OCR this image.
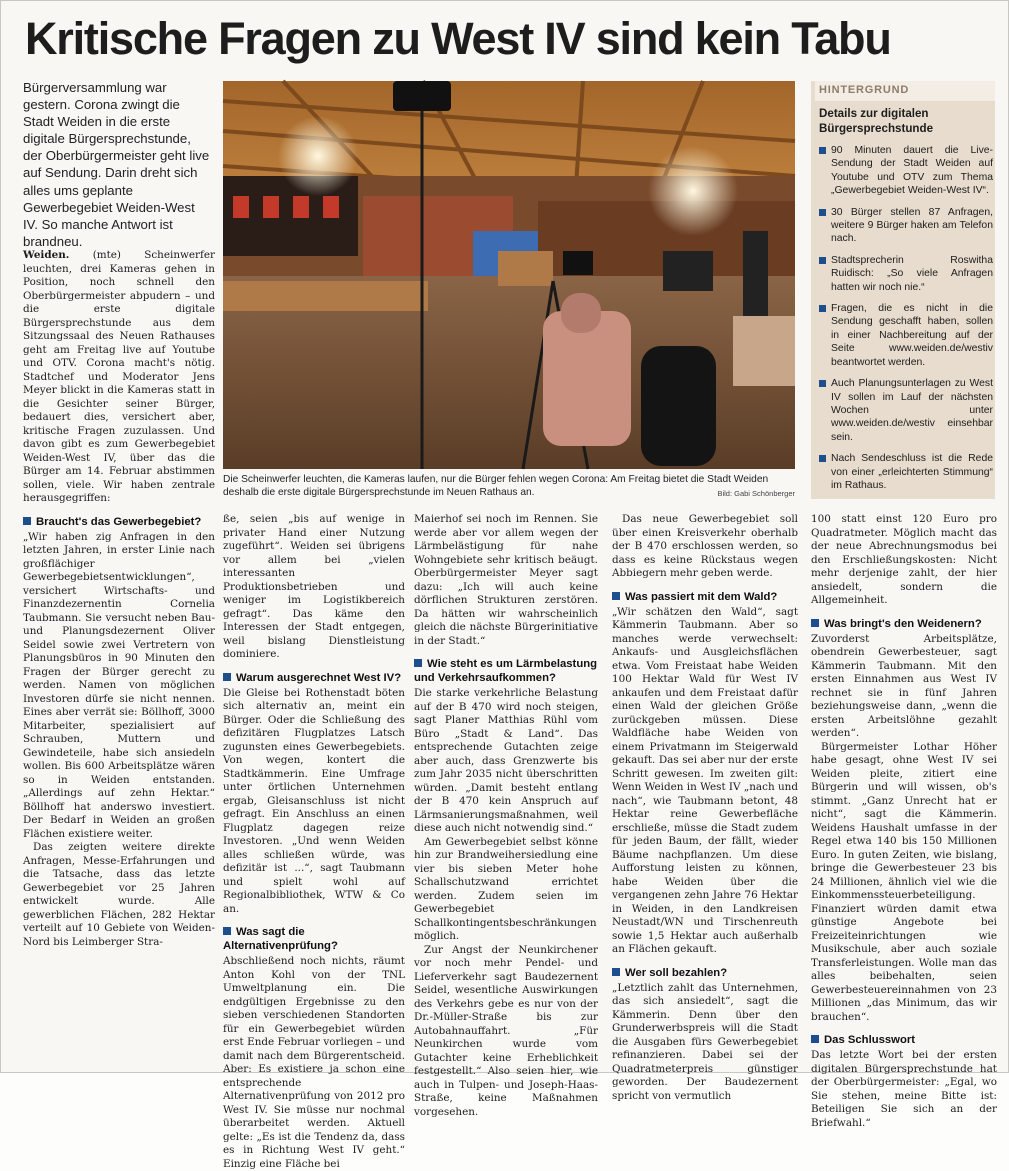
Kritische Fragen zu West IV sind kein Tabu
Bürgerversammlung war gestern. Corona zwingt die Stadt Weiden in die erste digitale Bürgersprechstunde, der Oberbürgermeister geht live auf Sendung. Darin dreht sich alles ums geplante Gewerbegebiet Weiden-West IV. So manche Antwort ist brandneu.
Die Scheinwerfer leuchten, die Kameras laufen, nur die Bürger fehlen wegen Corona: Am Freitag bietet die Stadt Weiden deshalb die erste digitale Bürgersprechstunde im Neuen Rathaus an.	Bild: Gabi Schönberger
HINTERGRUND
Details zur digitalen Bürgersprechstunde
90 Minuten dauert die Live-Sendung der Stadt Weiden auf Youtube und OTV zum Thema „Gewerbegebiet Weiden-West IV“.
30 Bürger stellen 87 Anfragen, weitere 9 Bürger haken am Telefon nach.
Stadtsprecherin Roswitha Ruidisch: „So viele Anfragen hatten wir noch nie.“
Fragen, die es nicht in die Sendung geschafft haben, sollen in einer Nachbereitung auf der Seite www.weiden.de/westiv beantwortet werden.
Auch Planungsunterlagen zu West IV sollen im Lauf der nächsten Wochen unter www.weiden.de/westiv einsehbar sein.
Nach Sendeschluss ist die Rede von einer „erleichterten Stimmung“ im Rathaus.

Weiden. (mte) Scheinwerfer leuchten, drei Kameras gehen in Position, noch schnell den Oberbürgermeister abpudern – und die erste digitale Bürgersprechstunde aus dem Sitzungssaal des Neuen Rathauses geht am Freitag live auf Youtube und OTV. Corona macht's nötig. Stadtchef und Moderator Jens Meyer blickt in die Kameras statt in die Gesichter seiner Bürger, bedauert dies, versichert aber, kritische Fragen zuzulassen. Und davon gibt es zum Gewerbegebiet Weiden-West IV, über das die Bürger am 14. Februar abstimmen sollen, viele. Wir haben zentrale herausgegriffen:

Braucht's das Gewerbegebiet?

„Wir haben zig Anfragen in den letzten Jahren, in erster Linie nach großflächiger Gewerbegebietsentwicklungen“, versichert Wirtschafts- und Finanzdezernentin Cornelia Taubmann. Sie versucht neben Bau- und Planungsdezernent Oliver Seidel sowie zwei Vertretern von Planungsbüros in 90 Minuten den Fragen der Bürger gerecht zu werden. Namen von möglichen Investoren dürfe sie nicht nennen. Eines aber verrät sie: Böllhoff, 3000 Mitarbeiter, spezialisiert auf Schrauben, Muttern und Gewindeteile, habe sich ansiedeln wollen. Bis 600 Arbeitsplätze wären so in Weiden entstanden. „Allerdings auf zehn Hektar.“ Böllhoff hat anderswo investiert. Der Bedarf in Weiden an großen Flächen existiere weiter.

Das zeigten weitere direkte Anfragen, Messe-Erfahrungen und die Tatsache, dass das letzte Gewerbegebiet vor 25 Jahren entwickelt wurde. Alle gewerblichen Flächen, 282 Hektar verteilt auf 10 Gebiete von Weiden-Nord bis Leimberger Stra-

ße, seien „bis auf wenige in privater Hand einer Nutzung zugeführt“. Weiden sei übrigens vor allem bei „vielen interessanten Produktionsbetrieben und weniger im Logistikbereich gefragt“. Das käme den Interessen der Stadt entgegen, weil bislang Dienstleistung dominiere.

Warum ausgerechnet West IV?

Die Gleise bei Rothenstadt böten sich alternativ an, meint ein Bürger. Oder die Schließung des defizitären Flugplatzes Latsch zugunsten eines Gewerbegebiets. Von wegen, kontert die Stadtkämmerin. Eine Umfrage unter örtlichen Unternehmen ergab, Gleisanschluss ist nicht gefragt. Ein Anschluss an einen Flugplatz dagegen reize Investoren. „Und wenn Weiden alles schließen würde, was defizitär ist ...“, sagt Taubmann und spielt wohl auf Regionalbibliothek, WTW & Co an.

Was sagt die Alternativenprüfung?

Abschließend noch nichts, räumt Anton Kohl von der TNL Umweltplanung ein. Die endgültigen Ergebnisse zu den sieben verschiedenen Standorten für ein Gewerbegebiet würden erst Ende Februar vorliegen – und damit nach dem Bürgerentscheid. Aber: Es existiere ja schon eine entsprechende Alternativenprüfung von 2012 pro West IV. Sie müsse nur nochmal überarbeitet werden. Aktuell gelte: „Es ist die Tendenz da, dass es in Richtung West IV geht.“ Einzig eine Fläche bei

Maierhof sei noch im Rennen. Sie werde aber vor allem wegen der Lärmbelästigung für nahe Wohngebiete sehr kritisch beäugt. Oberbürgermeister Meyer sagt dazu: „Ich will auch keine dörflichen Strukturen zerstören. Da hätten wir wahrscheinlich gleich die nächste Bürgerinitiative in der Stadt.“

Wie steht es um Lärmbelastung und Verkehrsaufkommen?

Die starke verkehrliche Belastung auf der B 470 wird noch steigen, sagt Planer Matthias Rühl vom Büro „Stadt & Land“. Das entsprechende Gutachten zeige aber auch, dass Grenzwerte bis zum Jahr 2035 nicht überschritten würden. „Damit besteht entlang der B 470 kein Anspruch auf Lärmsanierungsmaßnahmen, weil diese auch nicht notwendig sind.“

Am Gewerbegebiet selbst könne hin zur Brandweihersiedlung eine vier bis sieben Meter hohe Schallschutzwand errichtet werden. Zudem seien im Gewerbegebiet Schallkontingentsbeschränkungen möglich.

Zur Angst der Neunkirchener vor noch mehr Pendel- und Lieferverkehr sagt Baudezernent Seidel, wesentliche Auswirkungen des Verkehrs gebe es nur von der Dr.-Müller-Straße bis zur Autobahnauffahrt. „Für Neunkirchen wurde vom Gutachter keine Erheblichkeit festgestellt.“ Also seien hier, wie auch in Tulpen- und Joseph-Haas-Straße, keine Maßnahmen vorgesehen.

Das neue Gewerbegebiet soll über einen Kreisverkehr oberhalb der B 470 erschlossen werden, so dass es keine Rückstaus wegen Abbiegern mehr geben werde.

Was passiert mit dem Wald?

„Wir schätzen den Wald“, sagt Kämmerin Taubmann. Aber so manches werde verwechselt: Ankaufs- und Ausgleichsflächen etwa. Vom Freistaat habe Weiden 100 Hektar Wald für West IV ankaufen und dem Freistaat dafür einen Wald der gleichen Größe zurückgeben müssen. Diese Waldfläche habe Weiden von einem Privatmann im Steigerwald gekauft. Das sei aber nur der erste Schritt gewesen. Im zweiten gilt: Wenn Weiden in West IV „nach und nach“, wie Taubmann betont, 48 Hektar reine Gewerbefläche erschließe, müsse die Stadt zudem für jeden Baum, der fällt, wieder Bäume nachpflanzen. Um diese Aufforstung leisten zu können, habe Weiden über die vergangenen zehn Jahre 76 Hektar in Weiden, in den Landkreisen Neustadt/WN und Tirschenreuth sowie 1,5 Hektar auch außerhalb an Flächen gekauft.

Wer soll bezahlen?

„Letztlich zahlt das Unternehmen, das sich ansiedelt“, sagt die Kämmerin. Denn über den Grunderwerbspreis will die Stadt die Ausgaben fürs Gewerbegebiet refinanzieren. Dabei sei der Quadratmeterpreis günstiger geworden. Der Baudezernent spricht von vermutlich

100 statt einst 120 Euro pro Quadratmeter. Möglich macht das der neue Abrechnungsmodus bei den Erschließungskosten: Nicht mehr derjenige zahlt, der hier ansiedelt, sondern die Allgemeinheit.

Was bringt's den Weidenern?

Zuvorderst Arbeitsplätze, obendrein Gewerbesteuer, sagt Kämmerin Taubmann. Mit den ersten Einnahmen aus West IV rechnet sie in fünf Jahren beziehungsweise dann, „wenn die ersten Arbeitslöhne gezahlt werden“.

Bürgermeister Lothar Höher habe gesagt, ohne West IV sei Weiden pleite, zitiert eine Bürgerin und will wissen, ob's stimmt. „Ganz Unrecht hat er nicht“, sagt die Kämmerin. Weidens Haushalt umfasse in der Regel etwa 140 bis 150 Millionen Euro. In guten Zeiten, wie bislang, bringe die Gewerbesteuer 23 bis 24 Millionen, ähnlich viel wie die Einkommenssteuerbeteiligung. Finanziert würden damit etwa günstige Angebote bei Freizeiteinrichtungen wie Musikschule, aber auch soziale Transferleistungen. Wolle man das alles beibehalten, seien Gewerbesteuereinnahmen von 23 Millionen „das Minimum, das wir brauchen“.

Das Schlusswort

Das letzte Wort bei der ersten digitalen Bürgersprechstunde hat der Oberbürgermeister: „Egal, wo Sie stehen, meine Bitte ist: Beteiligen Sie sich an der Briefwahl.“
